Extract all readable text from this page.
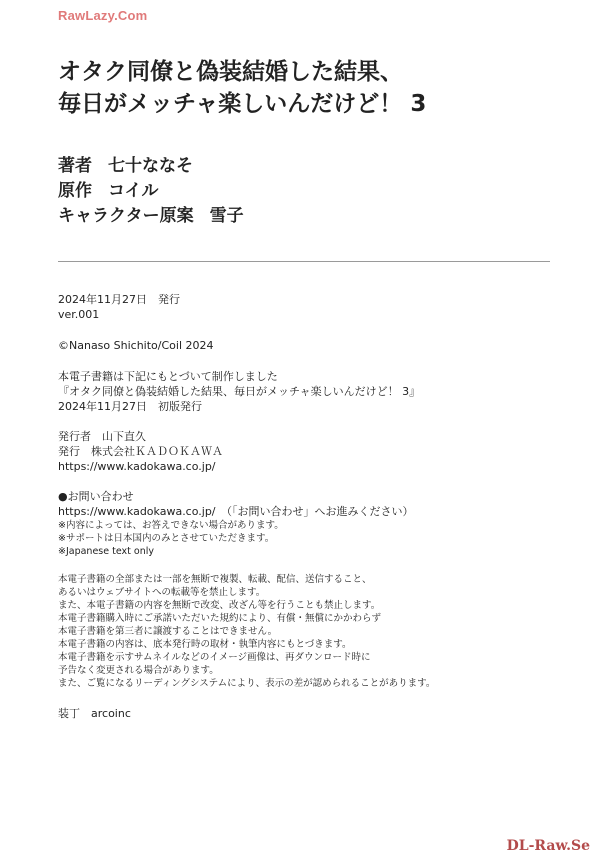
RawLazy.Com
オタク同僚と偽装結婚した結果、
毎日がメッチャ楽しいんだけど！ 3
著者 七十ななそ
原作 コイル
キャラクター原案 雪子
2024年11月27日　発行
ver.001
©Nanaso Shichito/Coil 2024
本電子書籍は下記にもとづいて制作しました
『オタク同僚と偽装結婚した結果、毎日がメッチャ楽しいんだけど！ 3』
2024年11月27日　初版発行
発行者　山下直久
発行　株式会社ＫＡＤＯＫＡＷＡ
https://www.kadokawa.co.jp/
●お問い合わせ
https://www.kadokawa.co.jp/　（「お問い合わせ」へお進みください）
※内容によっては、お答えできない場合があります。
※サポートは日本国内のみとさせていただきます。
※Japanese text only
本電子書籍の全部または一部を無断で複製、転載、配信、送信すること、
あるいはウェブサイトへの転載等を禁止します。
また、本電子書籍の内容を無断で改変、改ざん等を行うことも禁止します。
本電子書籍購入時にご承諾いただいた規約により、有償・無償にかかわらず
本電子書籍を第三者に譲渡することはできません。
本電子書籍の内容は、底本発行時の取材・執筆内容にもとづきます。
本電子書籍を示すサムネイルなどのイメージ画像は、再ダウンロード時に
予告なく変更される場合があります。
また、ご覧になるリーディングシステムにより、表示の差が認められることがあります。
装丁　arcoinc
DL-Raw.Se
